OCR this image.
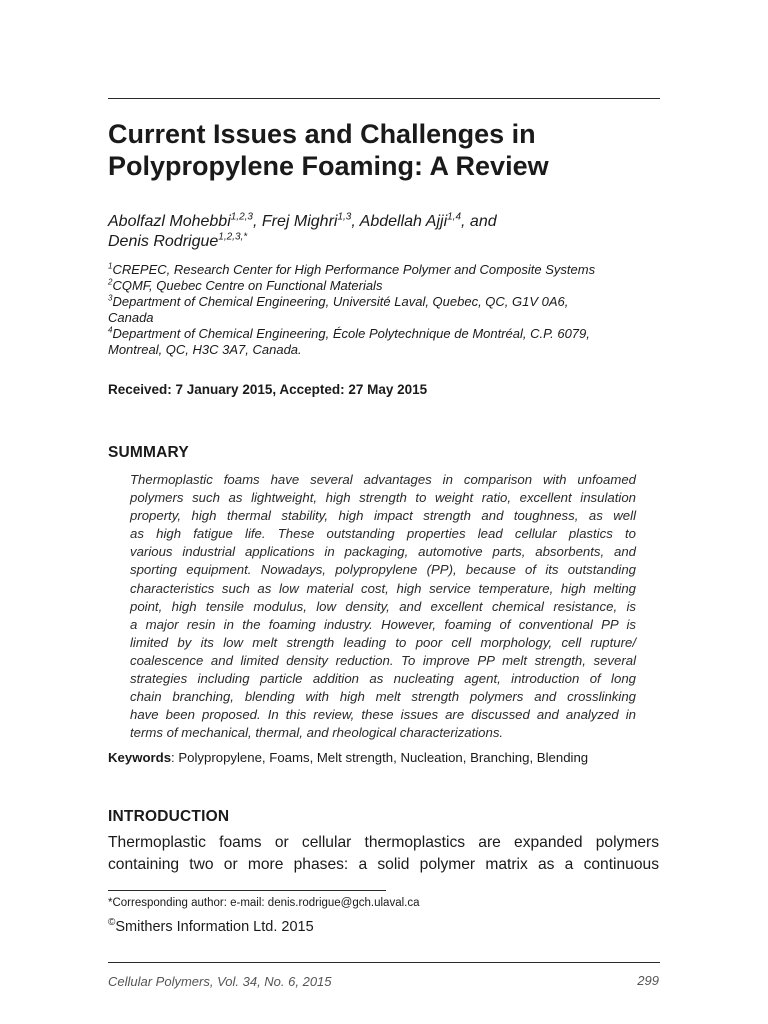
Current Issues and Challenges in
Polypropylene Foaming: A Review
Abolfazl Mohebbi$^{1,2,3}$, Frej Mighri$^{1,3}$, Abdellah Ajji$^{1,4}$, and
Denis Rodrigue$^{1,2,3,*}$
$^1$CREPEC, Research Center for High Performance Polymer and Composite Systems
$^2$CQMF, Quebec Centre on Functional Materials
$^3$Department of Chemical Engineering, Université Laval, Quebec, QC, G1V 0A6,
Canada
$^4$Department of Chemical Engineering, École Polytechnique de Montréal, C.P. 6079,
Montreal, QC, H3C 3A7, Canada.
Received: 7 January 2015, Accepted: 27 May 2015
SUMMARY
Thermoplastic foams have several advantages in comparison with unfoamed
polymers such as lightweight, high strength to weight ratio, excellent insulation
property, high thermal stability, high impact strength and toughness, as well
as high fatigue life. These outstanding properties lead cellular plastics to
various industrial applications in packaging, automotive parts, absorbents, and
sporting equipment. Nowadays, polypropylene (PP), because of its outstanding
characteristics such as low material cost, high service temperature, high melting
point, high tensile modulus, low density, and excellent chemical resistance, is
a major resin in the foaming industry. However, foaming of conventional PP is
limited by its low melt strength leading to poor cell morphology, cell rupture/
coalescence and limited density reduction. To improve PP melt strength, several
strategies including particle addition as nucleating agent, introduction of long
chain branching, blending with high melt strength polymers and crosslinking
have been proposed. In this review, these issues are discussed and analyzed in
terms of mechanical, thermal, and rheological characterizations.
Keywords: Polypropylene, Foams, Melt strength, Nucleation, Branching, Blending
INTRODUCTION
Thermoplastic foams or cellular thermoplastics are expanded polymers
containing two or more phases: a solid polymer matrix as a continuous
*Corresponding author: e-mail: denis.rodrigue@gch.ulaval.ca
©Smithers Information Ltd. 2015
Cellular Polymers, Vol. 34, No. 6, 2015	299
